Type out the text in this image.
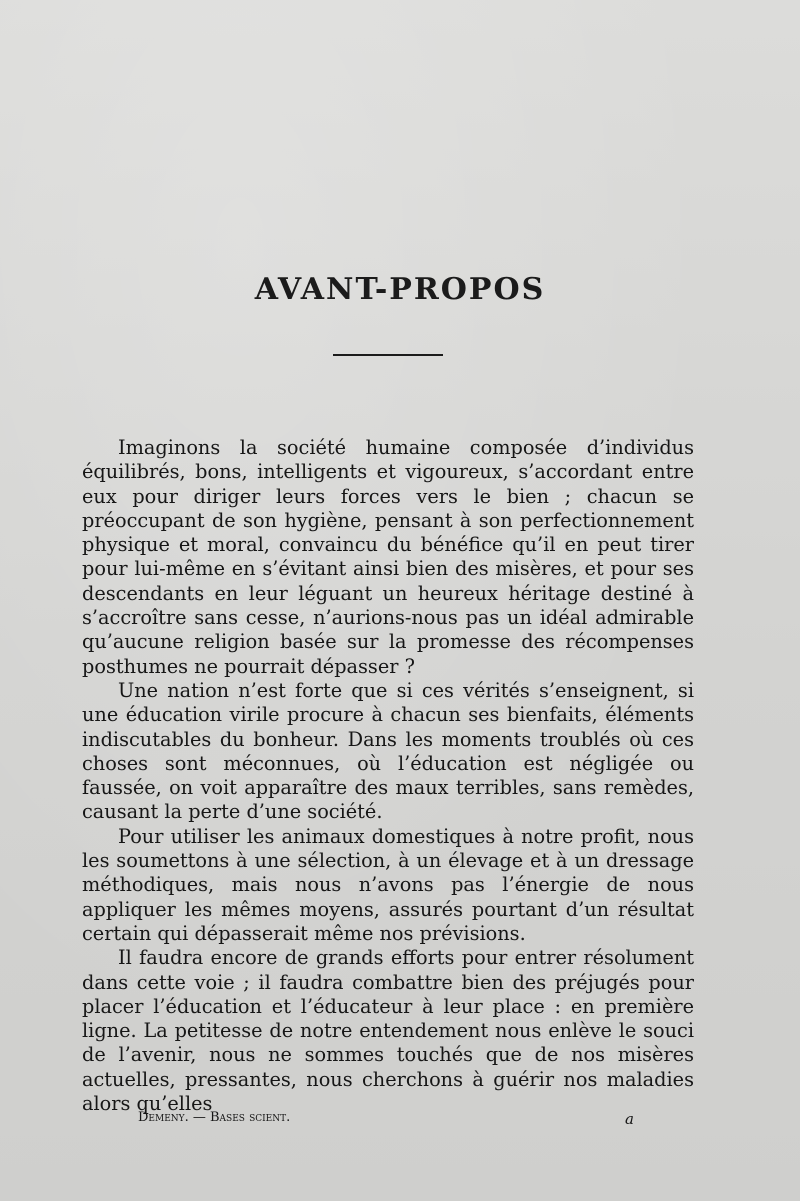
AVANT-PROPOS

Imaginons la société humaine composée d’individus équilibrés, bons, intelligents et vigoureux, s’accordant entre eux pour diriger leurs forces vers le bien ; chacun se préoccupant de son hygiène, pensant à son perfectionnement physique et moral, convaincu du bénéfice qu’il en peut tirer pour lui-même en s’évitant ainsi bien des misères, et pour ses descendants en leur léguant un heureux héritage destiné à s’accroître sans cesse, n’aurions-nous pas un idéal admirable qu’aucune religion basée sur la promesse des récompenses posthumes ne pourrait dépasser ?

Une nation n’est forte que si ces vérités s’enseignent, si une éducation virile procure à chacun ses bienfaits, éléments indiscutables du bonheur. Dans les moments troublés où ces choses sont méconnues, où l’éducation est négligée ou faussée, on voit apparaître des maux terribles, sans remèdes, causant la perte d’une société.

Pour utiliser les animaux domestiques à notre profit, nous les soumettons à une sélection, à un élevage et à un dressage méthodiques, mais nous n’avons pas l’énergie de nous appliquer les mêmes moyens, assurés pourtant d’un résultat certain qui dépasserait même nos prévisions.

Il faudra encore de grands efforts pour entrer résolument dans cette voie ; il faudra combattre bien des préjugés pour placer l’éducation et l’éducateur à leur place : en première ligne. La petitesse de notre entendement nous enlève le souci de l’avenir, nous ne sommes touchés que de nos misères actuelles, pressantes, nous cherchons à guérir nos maladies alors qu’elles

Demeny. — Bases scient.	a
